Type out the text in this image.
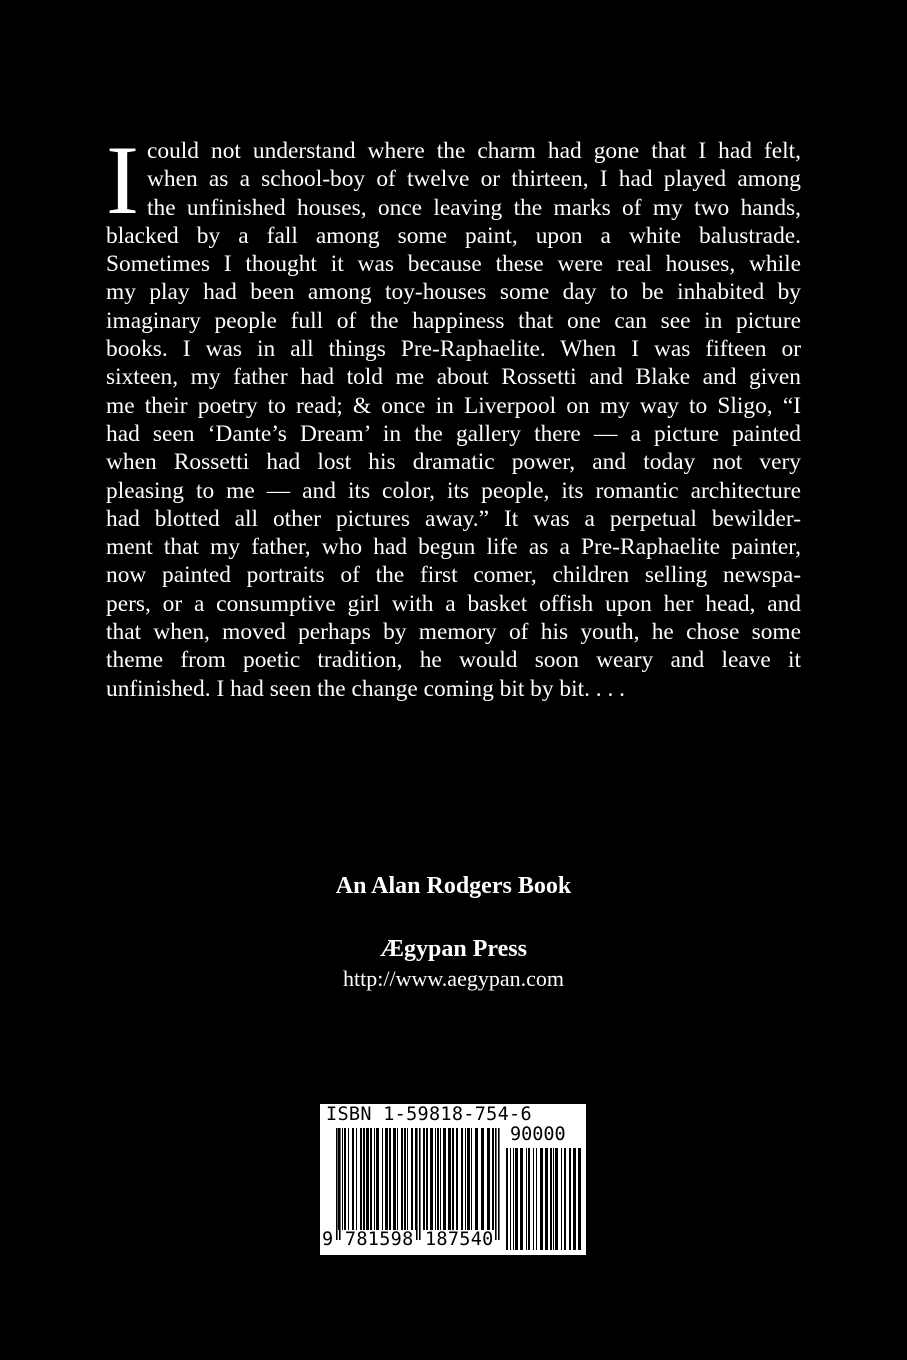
I could not understand where the charm had gone that I had felt,
when as a school-boy of twelve or thirteen, I had played among
the unfinished houses, once leaving the marks of my two hands,
blacked by a fall among some paint, upon a white balustrade.
Sometimes I thought it was because these were real houses, while
my play had been among toy-houses some day to be inhabited by
imaginary people full of the happiness that one can see in picture
books. I was in all things Pre-Raphaelite. When I was fifteen or
sixteen, my father had told me about Rossetti and Blake and given
me their poetry to read; & once in Liverpool on my way to Sligo, “I
had seen ‘Dante’s Dream’ in the gallery there — a picture painted
when Rossetti had lost his dramatic power, and today not very
pleasing to me — and its color, its people, its romantic architecture
had blotted all other pictures away.” It was a perpetual bewilder-
ment that my father, who had begun life as a Pre-Raphaelite painter,
now painted portraits of the first comer, children selling newspa-
pers, or a consumptive girl with a basket offish upon her head, and
that when, moved perhaps by memory of his youth, he chose some
theme from poetic tradition, he would soon weary and leave it
unfinished. I had seen the change coming bit by bit. . . .
An Alan Rodgers Book
Ægypan Press
http://www.aegypan.com
ISBN 1-59818-754-6
90000
9 781598 187540
